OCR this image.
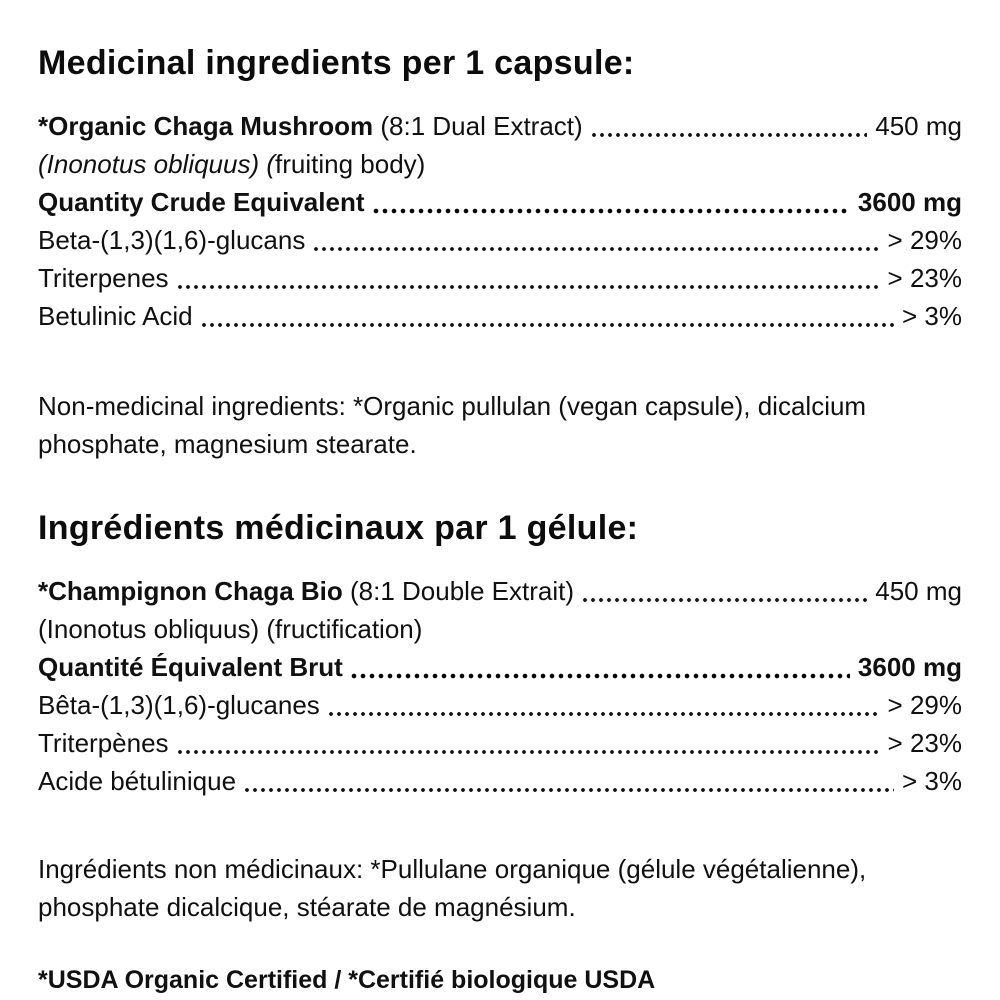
Medicinal ingredients per 1 capsule:
*Organic Chaga Mushroom (8:1 Dual Extract)	450 mg
(Inonotus obliquus) (fruiting body)
Quantity Crude Equivalent	3600 mg
Beta-(1,3)(1,6)-glucans	> 29%
Triterpenes	> 23%
Betulinic Acid	> 3%

Non-medicinal ingredients: *Organic pullulan (vegan capsule), dicalcium phosphate, magnesium stearate.

Ingrédients médicinaux par 1 gélule:
*Champignon Chaga Bio (8:1 Double Extrait)	450 mg
(Inonotus obliquus) (fructification)
Quantité Équivalent Brut	3600 mg
Bêta-(1,3)(1,6)-glucanes	> 29%
Triterpènes	> 23%
Acide bétulinique	> 3%

Ingrédients non médicinaux: *Pullulane organique (gélule végétalienne), phosphate dicalcique, stéarate de magnésium.

*USDA Organic Certified / *Certifié biologique USDA
